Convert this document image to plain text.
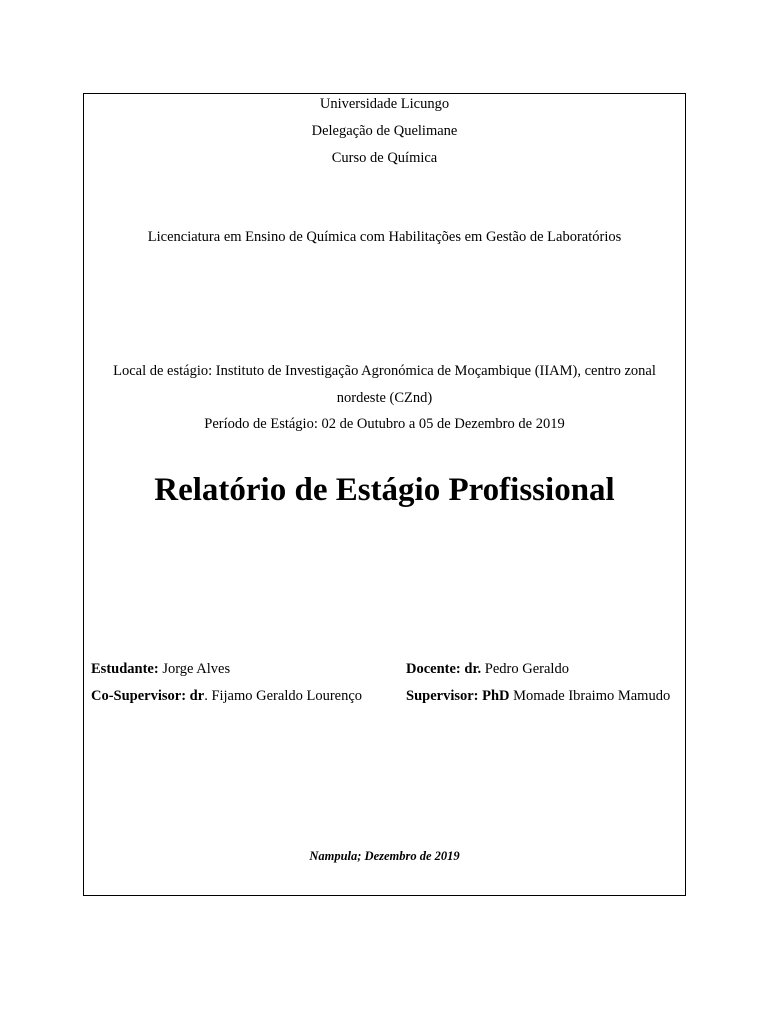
Universidade Licungo
Delegação de Quelimane
Curso de Química
Licenciatura em Ensino de Química com Habilitações em Gestão de Laboratórios
Local de estágio: Instituto de Investigação Agronómica de Moçambique (IIAM), centro zonal
nordeste (CZnd)
Período de Estágio: 02 de Outubro a 05 de Dezembro de 2019
Relatório de Estágio Profissional
Estudante: Jorge Alves	Docente: dr. Pedro Geraldo
Co-Supervisor: dr. Fijamo Geraldo Lourenço	Supervisor: PhD Momade Ibraimo Mamudo
Nampula; Dezembro de 2019
